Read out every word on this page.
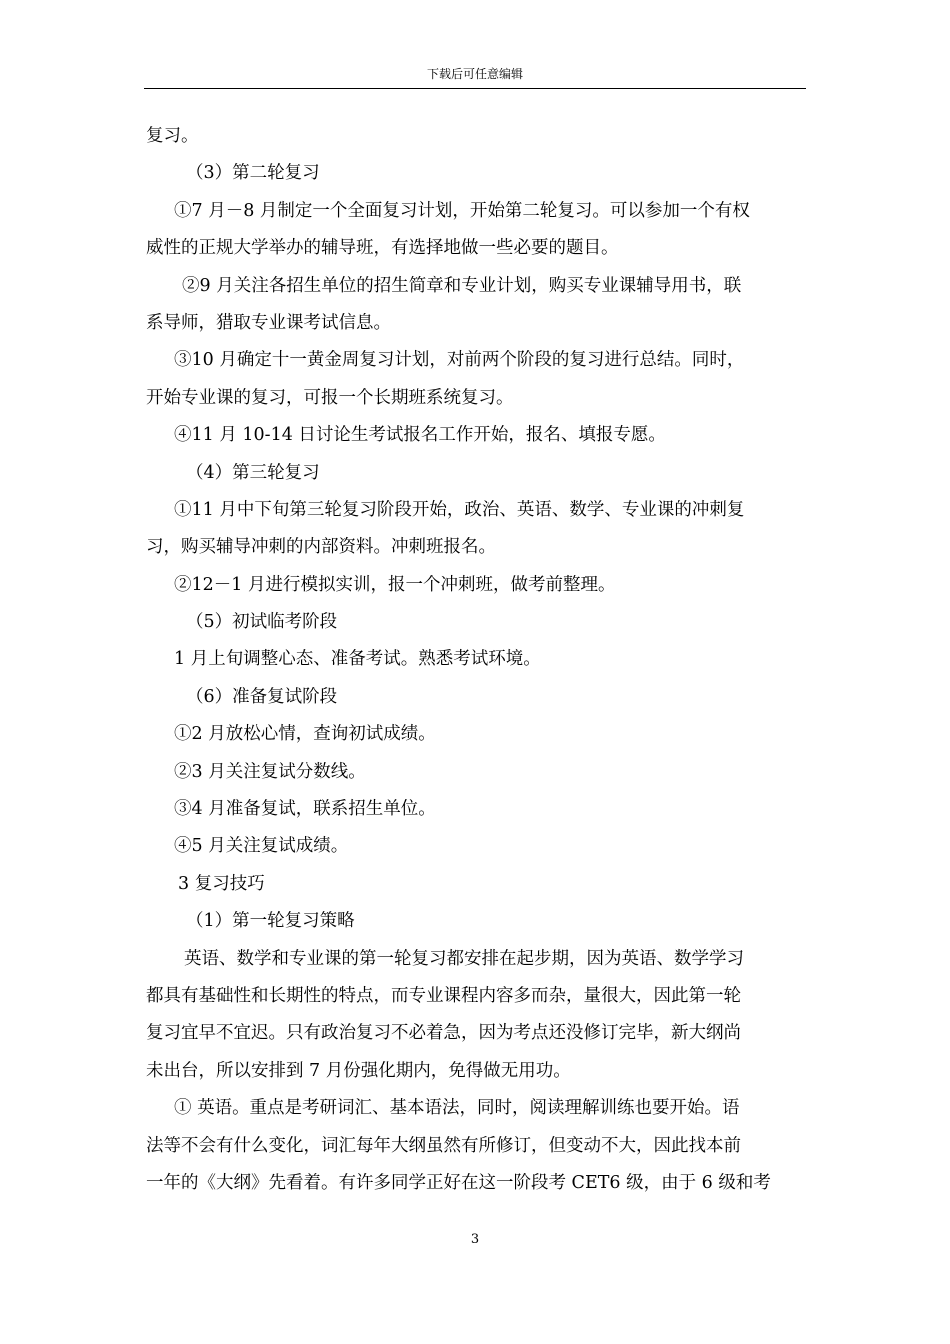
下载后可任意编辑
复习。
（3）第二轮复习
①7 月－8 月制定一个全面复习计划，开始第二轮复习。可以参加一个有权
威性的正规大学举办的辅导班，有选择地做一些必要的题目。
②9 月关注各招生单位的招生简章和专业计划，购买专业课辅导用书，联
系导师，猎取专业课考试信息。
③10 月确定十一黄金周复习计划，对前两个阶段的复习进行总结。同时，
开始专业课的复习，可报一个长期班系统复习。
④11 月 10-14 日讨论生考试报名工作开始，报名、填报专愿。
（4）第三轮复习
①11 月中下旬第三轮复习阶段开始，政治、英语、数学、专业课的冲刺复
习，购买辅导冲刺的内部资料。冲刺班报名。
②12－1 月进行模拟实训，报一个冲刺班，做考前整理。
（5）初试临考阶段
1 月上旬调整心态、准备考试。熟悉考试环境。
（6）准备复试阶段
①2 月放松心情，查询初试成绩。
②3 月关注复试分数线。
③4 月准备复试，联系招生单位。
④5 月关注复试成绩。
3 复习技巧
（1）第一轮复习策略
英语、数学和专业课的第一轮复习都安排在起步期，因为英语、数学学习
都具有基础性和长期性的特点，而专业课程内容多而杂，量很大，因此第一轮
复习宜早不宜迟。只有政治复习不必着急，因为考点还没修订完毕，新大纲尚
未出台，所以安排到 7 月份强化期内，免得做无用功。
① 英语。重点是考研词汇、基本语法，同时，阅读理解训练也要开始。语
法等不会有什么变化，词汇每年大纲虽然有所修订，但变动不大，因此找本前
一年的《大纲》先看着。有许多同学正好在这一阶段考 CET6 级，由于 6 级和考
3
